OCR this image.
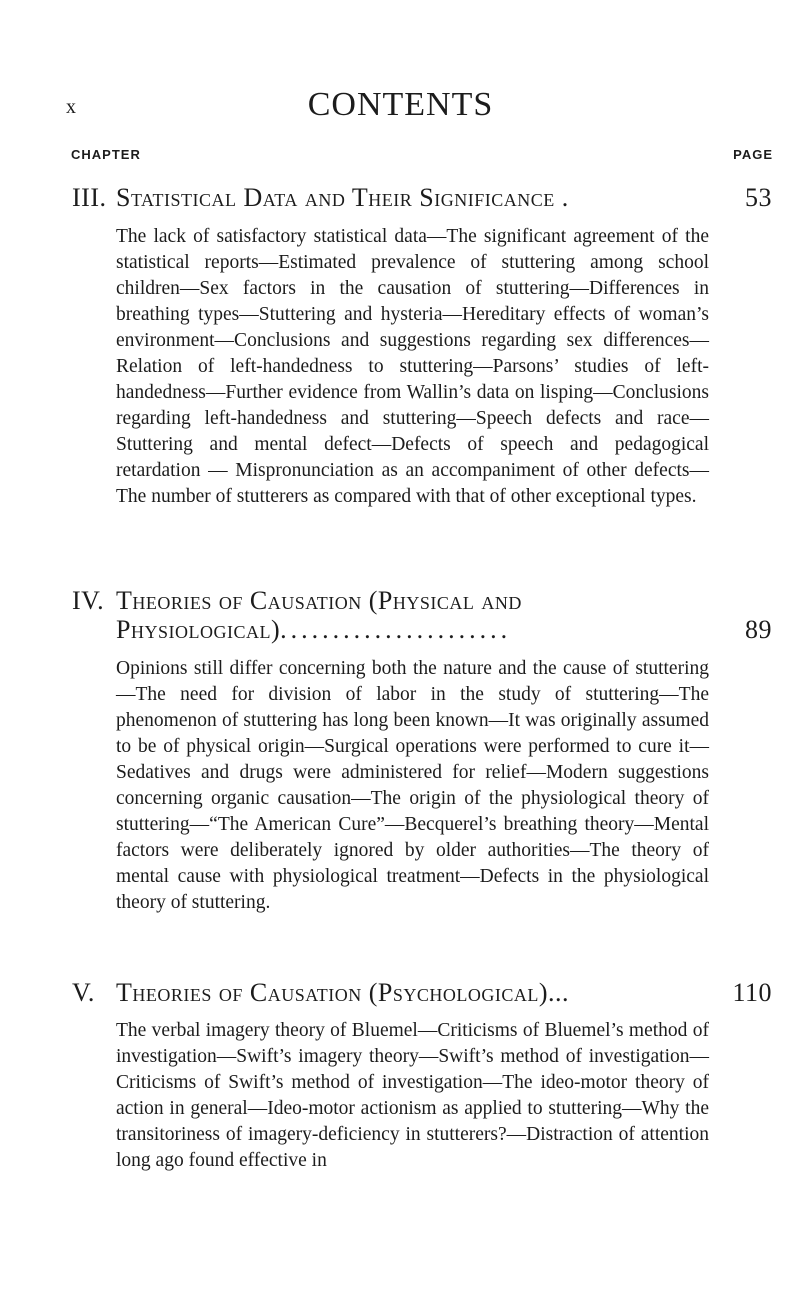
x	CONTENTS
CHAPTER	PAGE
III. Statistical Data and Their Significance .	53
The lack of satisfactory statistical data—The significant agreement of the statistical reports—Estimated prevalence of stuttering among school children—Sex factors in the causation of stuttering—Differences in breathing types—Stuttering and hysteria—Hereditary effects of woman’s environment—Conclusions and suggestions regarding sex differences—Relation of left-handedness to stuttering—Parsons’ studies of left-handedness—Further evidence from Wallin’s data on lisping—Conclusions regarding left-handedness and stuttering—Speech defects and race—Stuttering and mental defect—Defects of speech and pedagogical retardation — Mispronunciation as an accompaniment of other defects—The number of stutterers as compared with that of other exceptional types.
IV. Theories of Causation (Physical and
Physiological)......................	89
Opinions still differ concerning both the nature and the cause of stuttering—The need for division of labor in the study of stuttering—The phenomenon of stuttering has long been known—It was originally assumed to be of physical origin—Surgical operations were performed to cure it—Sedatives and drugs were administered for relief—Modern suggestions concerning organic causation—The origin of the physiological theory of stuttering—“The American Cure”—Becquerel’s breathing theory—Mental factors were deliberately ignored by older authorities—The theory of mental cause with physiological treatment—Defects in the physiological theory of stuttering.
V. Theories of Causation (Psychological)...	110
The verbal imagery theory of Bluemel—Criticisms of Bluemel’s method of investigation—Swift’s imagery theory—Swift’s method of investigation—Criticisms of Swift’s method of investigation—The ideo-motor theory of action in general—Ideo-motor actionism as applied to stuttering—Why the transitoriness of imagery-deficiency in stutterers?—Distraction of attention long ago found effective in
